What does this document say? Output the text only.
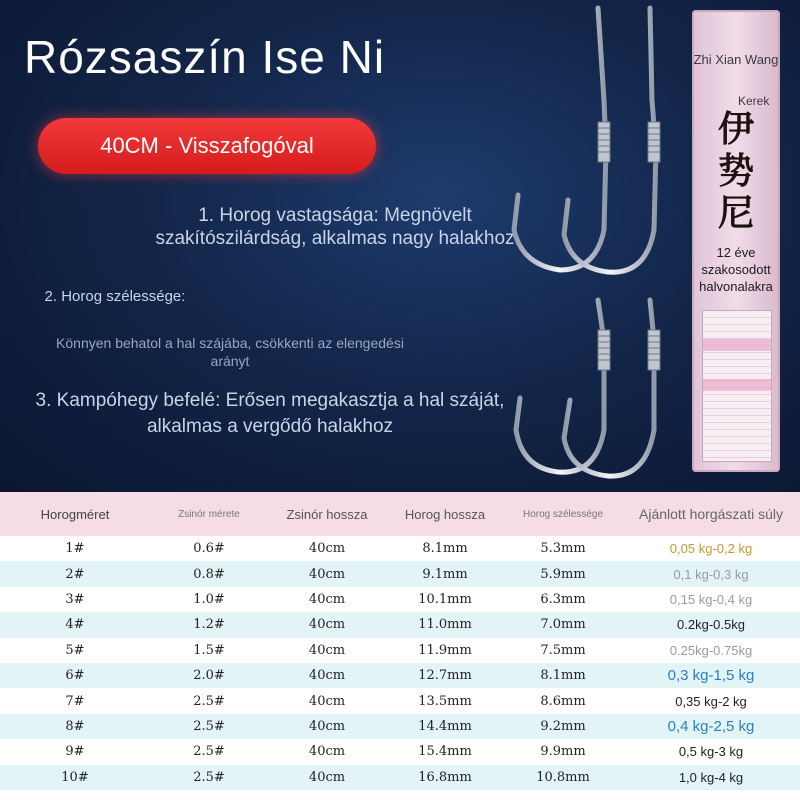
Rózsaszín Ise Ni
40CM - Visszafogóval
1. Horog vastagsága: Megnövelt szakítószilárdság, alkalmas nagy halakhoz
2. Horog szélessége:
Könnyen behatol a hal szájába, csökkenti az elengedési arányt
3. Kampóhegy befelé: Erősen megakasztja a hal száját, alkalmas a vergődő halakhoz
Zhi Xian Wang
Kerek
伊势尼
12 éve szakosodott halvonalakra
Horogméret	Zsinór mérete	Zsinór hossza	Horog hossza	Horog szélessége	Ajánlott horgászati súly
1#	0.6#	40cm	8.1mm	5.3mm	0,05 kg-0,2 kg
2#	0.8#	40cm	9.1mm	5.9mm	0,1 kg-0,3 kg
3#	1.0#	40cm	10.1mm	6.3mm	0,15 kg-0,4 kg
4#	1.2#	40cm	11.0mm	7.0mm	0.2kg-0.5kg
5#	1.5#	40cm	11.9mm	7.5mm	0.25kg-0.75kg
6#	2.0#	40cm	12.7mm	8.1mm	0,3 kg-1,5 kg
7#	2.5#	40cm	13.5mm	8.6mm	0,35 kg-2 kg
8#	2.5#	40cm	14.4mm	9.2mm	0,4 kg-2,5 kg
9#	2.5#	40cm	15.4mm	9.9mm	0,5 kg-3 kg
10#	2.5#	40cm	16.8mm	10.8mm	1,0 kg-4 kg
